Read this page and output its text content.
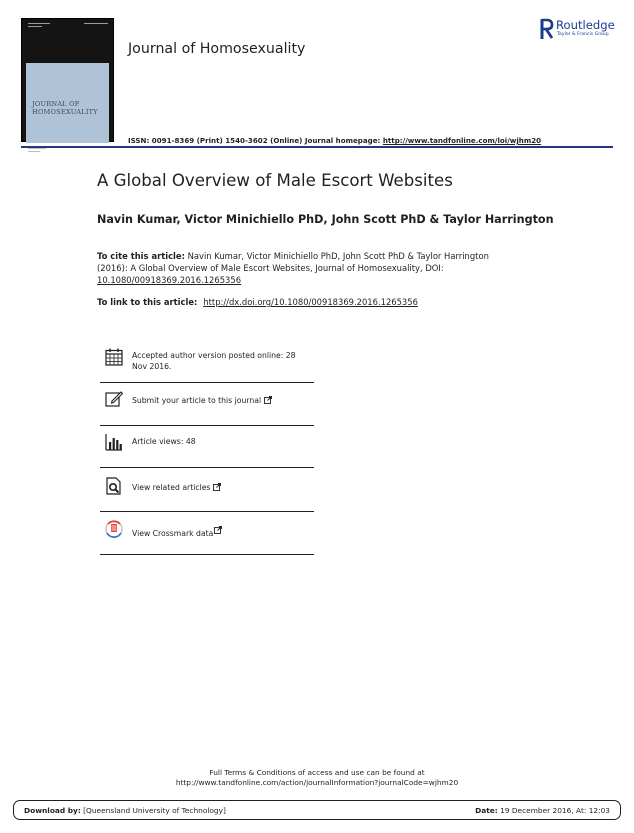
JOURNAL OF
HOMOSEXUALITY
Journal of Homosexuality
Routledge
Taylor & Francis Group
ISSN: 0091-8369 (Print) 1540-3602 (Online) Journal homepage: http://www.tandfonline.com/loi/wjhm20
A Global Overview of Male Escort Websites
Navin Kumar, Victor Minichiello PhD, John Scott PhD & Taylor Harrington
To cite this article: Navin Kumar, Victor Minichiello PhD, John Scott PhD & Taylor Harrington
(2016): A Global Overview of Male Escort Websites, Journal of Homosexuality, DOI:
10.1080/00918369.2016.1265356
To link to this article: http://dx.doi.org/10.1080/00918369.2016.1265356
Accepted author version posted online: 28
Nov 2016.
Submit your article to this journal
Article views: 48
View related articles
View Crossmark data
Full Terms & Conditions of access and use can be found at
http://www.tandfonline.com/action/journalInformation?journalCode=wjhm20
Download by: [Queensland University of Technology]	Date: 19 December 2016, At: 12:03
